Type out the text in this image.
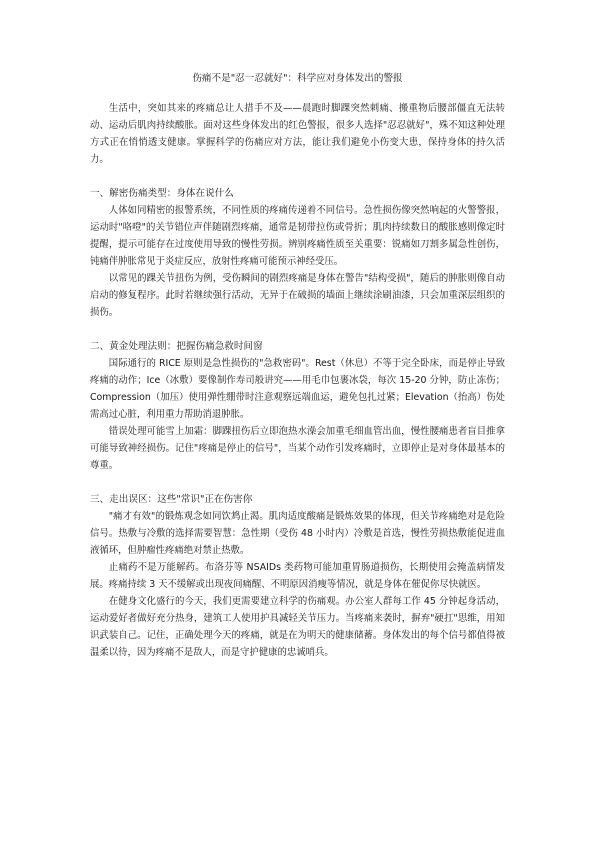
伤痛不是"忍一忍就好"：科学应对身体发出的警报

生活中，突如其来的疼痛总让人措手不及——晨跑时脚踝突然刺痛、搬重物后腰部僵直无法转动、运动后肌肉持续酸胀。面对这些身体发出的红色警报，很多人选择"忍忍就好"，殊不知这种处理方式正在悄悄透支健康。掌握科学的伤痛应对方法，能让我们避免小伤变大患，保持身体的持久活力。

一、解密伤痛类型：身体在说什么

人体如同精密的报警系统，不同性质的疼痛传递着不同信号。急性损伤像突然响起的火警警报，运动时"咯噔"的关节错位声伴随剧烈疼痛，通常是韧带拉伤或骨折；肌肉持续数日的酸胀感则像定时提醒，提示可能存在过度使用导致的慢性劳损。辨别疼痛性质至关重要：锐痛如刀割多属急性创伤，钝痛伴肿胀常见于炎症反应，放射性疼痛可能预示神经受压。

以常见的踝关节扭伤为例，受伤瞬间的剧烈疼痛是身体在警告"结构受损"，随后的肿胀则像自动启动的修复程序。此时若继续强行活动，无异于在破损的墙面上继续涂刷油漆，只会加重深层组织的损伤。

二、黄金处理法则：把握伤痛急救时间窗

国际通行的 RICE 原则是急性损伤的"急救密码"。Rest（休息）不等于完全卧床，而是停止导致疼痛的动作；Ice（冰敷）要像制作寿司般讲究——用毛巾包裹冰袋，每次 15-20 分钟，防止冻伤；Compression（加压）使用弹性绷带时注意观察远端血运，避免包扎过紧；Elevation（抬高）伤处需高过心脏，利用重力帮助消退肿胀。

错误处理可能雪上加霜：脚踝扭伤后立即泡热水澡会加重毛细血管出血，慢性腰痛患者盲目推拿可能导致神经损伤。记住"疼痛是停止的信号"，当某个动作引发疼痛时，立即停止是对身体最基本的尊重。

三、走出误区：这些"常识"正在伤害你

"痛才有效"的锻炼观念如同饮鸩止渴。肌肉适度酸痛是锻炼效果的体现，但关节疼痛绝对是危险信号。热敷与冷敷的选择需要智慧：急性期（受伤 48 小时内）冷敷是首选，慢性劳损热敷能促进血液循环，但肿瘤性疼痛绝对禁止热敷。

止痛药不是万能解药。布洛芬等 NSAIDs 类药物可能加重胃肠道损伤，长期使用会掩盖病情发展。疼痛持续 3 天不缓解或出现夜间痛醒、不明原因消瘦等情况，就是身体在催促你尽快就医。

在健身文化盛行的今天，我们更需要建立科学的伤痛观。办公室人群每工作 45 分钟起身活动，运动爱好者做好充分热身，建筑工人使用护具减轻关节压力。当疼痛来袭时，摒弃"硬扛"思维，用知识武装自己。记住，正确处理今天的疼痛，就是在为明天的健康储蓄。身体发出的每个信号都值得被温柔以待，因为疼痛不是敌人，而是守护健康的忠诚哨兵。
